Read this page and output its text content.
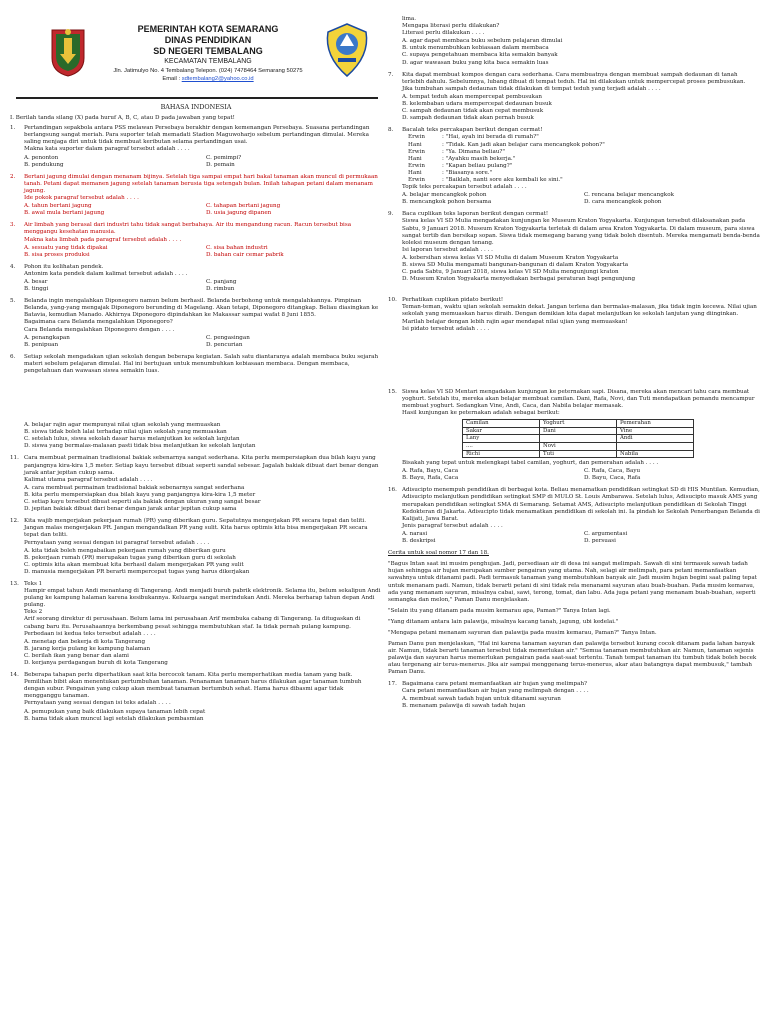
PEMERINTAH KOTA SEMARANG

DINAS PENDIDIKAN

SD NEGERI TEMBALANG

KECAMATAN TEMBALANG

Jln. Jatimulyo No. 4 Tembalang Telepon. (024) 7478464 Semarang 50275

Email : sdtembalang2@yahoo.co.id

BAHASA INDONESIA

I. Berilah tanda silang (X) pada huruf A, B, C, atau D pada jawaban yang tepat!

1. Pertandingan sepakbola antara PSS melawan Persebaya berakhir dengan kemenangan Persebaya. Suasana pertandingan berlangsung sangat meriah. Para suporter telah memadati Stadion Maguwoharjo sebelum pertandingan dimulai. Mereka saling menjaga diri untuk tidak membuat keributan selama pertandingan usai.

Makna kata suporter dalam paragraf tersebut adalah . . . .

A. penonton	C. pemimpi?
B. pendukung	D. pemain
2. Bertani jagung dimulai dengan menanam bijinya. Setelah tiga sampai empat hari bakal tanaman akan muncul di permukaan tanah. Petani dapat memanen jagung setelah tanaman berusia tiga setengah bulan. Inilah tahapan petani dalam menanam jagung.

Ide pokok paragraf tersebut adalah . . . .

A. tahun bertani jagung	C. tahapan bertani jagung
B. awal mula bertani jagung	D. usia jagung dipanen
3. Air limbah yang berasal dari industri tahu tidak sangat berbahaya. Air itu mengandung racun. Racun tersebut bisa menggangu kesehatan manusia.

Makna kata limbah pada paragraf tersebut adalah . . . .

A. sesuatu yang tidak dipakai	C. sisa bahan industri
B. sisa proses produksi	D. bahan cair cemar pabrik
4. Pohon itu kelihatan pendek.

Antonim kata pendek dalam kalimat tersebut adalah . . . .

A. besar	C. panjang
B. tinggi	D. rimbun
5. Belanda ingin mengalahkan Diponegoro namun belum berhasil. Belanda berbohong untuk mengalahkannya. Pimpinan Belanda, yang-yang mengajak Diponegoro berunding di Magelang. Akan tetapi, Diponegoro ditangkap. Beliau diasingkan ke Batavia, kemudian Manado. Akhirnya Diponegoro dipindahkan ke Makassar sampai wafat 8 Juni 1855.

Bagaimana cara Belanda mengalahkan Diponegoro?

Cara Belanda mengalahkan Diponegoro dengan . . . .

A. penangkapan	C. pengasingan
B. penipuan	D. pencurian
6. Setiap sekolah mengadakan ujian sekolah dengan beberapa kegiatan. Salah satu diantaranya adalah membaca buku sejarah materi sebelum pelajaran dimulai. Hal ini bertujuan untuk menumbuhkan kebiasaan membaca. Dengan membaca, pengetahuan dan wawasan siswa semakin luas.

A. belajar rajin agar mempunyai nilai ujian sekolah yang memuaskan
B. siswa tidak boleh lalai terhadap nilai ujian sekolah yang memuaskan
C. setelah lulus, siswa sekolah dasar harus melanjutkan ke sekolah lanjutan
D. siswa yang bermalas-malasan pasti tidak bisa melanjutkan ke sekolah lanjutan
11. Cara membuat permainan tradisional bakiak sebenarnya sangat sederhana. Kita perlu mempersiapkan dua bilah kayu yang panjangnya kira-kira 1,5 meter. Setiap kayu tersebut dibuat seperti sandal sebesar. Jagalah bakiak dibuat dari benar dengan jarak antar jepitan cukup sama.

Kalimat utama paragraf tersebut adalah . . . .

A. cara membuat permainan tradisional bakiak sebenarnya sangat sederhana
B. kita perlu mempersiapkan dua bilah kayu yang panjangnya kira-kira 1,5 meter
C. setiap kayu tersebut dibuat seperti ala bakiak dengan ukuran yang sangat besar
D. jepitan bakiak dibuat dari benar dengan jarak antar jepitan cukup sama
12. Kita wajib mengerjakan pekerjaan rumah (PR) yang diberikan guru. Sepatutnya mengerjakan PR secara tepat dan teliti. Jangan malas mengerjakan PR. Jangan mengandalkan PR yang sulit. Kita harus optimis kita bisa mengerjakan PR secara tepat dan teliti.

Pernyataan yang sesuai dengan isi paragraf tersebut adalah . . . .

A. kita tidak boleh mengabaikan pekerjaan rumah yang diberikan guru
B. pekerjaan rumah (PR) merupakan tugas yang diberikan guru di sekolah
C. optimis kita akan membuat kita berhasil dalam mengerjakan PR yang sulit
D. manusia mengerjakan PR berarti mempercepat tugas yang harus dikerjakan
13. Teks 1

Hampir empat tahun Andi menantang di Tangerang. Andi menjadi buruh pabrik elektronik. Selama itu, belum sekalipun Andi pulang ke kampung halaman karena kesibukannya. Keluarga sangat merindukan Andi. Mereka berharap tahun depan Andi pulang.

Teks 2

Arif seorang direktur di perusahaan. Belum lama ini perusahaan Arif membuka cabang di Tangerang. Ia ditugaskan di cabang baru itu. Perusahaannya berkembang pesat sehingga membutuhkan staf. Ia tidak pernah pulang kampung.

Perbedaan isi kedua teks tersebut adalah . . . .

A. menetap dan bekerja di kota Tangerang
B. jarang kerja pulang ke kampung halaman
C. berilah ikan yang benar dan alami
D. kerjanya perdagangan buruh di kota Tangerang
14. Beberapa tahapan perlu diperhatikan saat kita bercocok tanam. Kita perlu memperhatikan media tanam yang baik. Pemilihan bibit akan menentukan pertumbuhan tanaman. Penanaman tanaman harus dilakukan agar tanaman tumbuh dengan subur. Pengairan yang cukup akan membuat tanaman bertumbuh sehat. Hama harus dibasmi agar tidak mengganggu tanaman.

Pernyataan yang sesuai dengan isi teks adalah . . . .

A. pemupukan yang baik dilakukan supaya tanaman lebih cepat
B. hama tidak akan muncul lagi setelah dilakukan pembasmian

lima.

Mengapa literasi perlu dilakukan?

Literasi perlu dilakukan . . . .

A. agar dapat membaca buku sebelum pelajaran dimulai
B. untuk menumbuhkan kebiasaan dalam membaca
C. supaya pengetahuan membaca kita semakin banyak
D. agar wawasan buku yang kita baca semakin luas
7. Kita dapat membuat kompos dengan cara sederhana. Cara membuatnya dengan membuat sampah dedaunan di tanah terlebih dahulu. Sebelumnya, lubang dibuat di tempat teduh. Hal ini dilakukan untuk mempercepat proses pembusukan.

Jika tumbuhan sampah dedaunan tidak dilakukan di tempat teduh yang terjadi adalah . . . .

A. tempat teduh akan mempercepat pembusukan
B. kelembaban udara mempercepat dedaunan busuk
C. sampah dedaunan tidak akan cepat membusuk
D. sampah dedaunan tidak akan pernah busuk
8. Bacalah teks percakapan berikut dengan cermat!

Erwin	: "Hai, ayah ini berada di rumah?"
Hani	: "Tidak. Kan jadi akan belajar cara mencangkok pohon?"
Erwin	: "Ya. Dimana beliau?"
Hani	: "Ayahku masih bekerja."
Erwin	: "Kapan beliau pulang?"
Hani	: "Biasanya sore."
Erwin	: "Baiklah, nanti sore aku kembali ke sini."

Topik teks percakapan tersebut adalah . . . .

A. belajar mencangkok pohon	C. rencana belajar mencangkok
B. mencangkok pohon bersama	D. cara mencangkok pohon
9. Baca cuplikan teks laporan berikut dengan cermat!

Siswa kelas VI SD Mulia mengadakan kunjungan ke Museum Kraton Yogyakarta. Kunjungan tersebut dilaksanakan pada Sabtu, 9 Januari 2018. Museum Kraton Yogyakarta terletak di dalam area Kraton Yogyakarta. Di dalam museum, para siswa sangat tertib dan bersikap sopan. Siswa tidak memegang barang yang tidak boleh disentuh. Mereka mengamati benda-benda koleksi museum dengan tenang.

Isi laporan tersebut adalah . . . .

A. kebersihan siswa kelas VI SD Mulia di dalam Museum Kraton Yogyakarta
B. siswa SD Mulia mengamati bangunan-bangunan di dalam Kraton Yogyakarta
C. pada Sabtu, 9 Januari 2018, siswa kelas VI SD Mulia mengunjungi kraton
D. Museum Kraton Yogyakarta menyediakan berbagai peraturan bagi pengunjung
10. Perhatikan cuplikan pidato berikut!

Teman-teman, waktu ujian sekolah semakin dekat. Jangan terlena dan bermalas-malasan, jika tidak ingin kecewa. Nilai ujian sekolah yang memuaskan harus diraih. Dengan demikian kita dapat melanjutkan ke sekolah lanjutan yang diinginkan. Marilah belajar dengan lebih rajin agar mendapat nilai ujian yang memuaskan!

Isi pidato tersebut adalah . . . .

15. Siswa kelas VI SD Mentari mengadakan kunjungan ke peternakan sapi. Disana, mereka akan mencari tahu cara membuat yoghurt. Setelah itu, mereka akan belajar membuat camilan. Dani, Rafa, Novi, dan Tuti mendapatkan pemandu mencampur membuat yoghurt. Sedangkan Vine, Andi, Caca, dan Nabila belajar memasak.

Hasil kunjungan ke peternakan adalah sebagai berikut:

Camilan	Yoghurt	Pemerahan
Sakar	Dani	Vine
Lany		Andi
....	Novi	
Richi	Tuti	Nabila

Bisakah yang tepat untuk melengkapi tabel camilan, yoghurt, dan pemerahan adalah . . . .

A. Rafa, Bayu, Caca	C. Rafa, Caca, Bayu
B. Bayu, Rafa, Caca	D. Bayu, Caca, Rafa
16. Adisucipto menempuh pendidikan di berbagai kota. Beliau menamatkan pendidikan setingkat SD di HIS Muntilan. Kemudian, Adisucipto melanjutkan pendidikan setingkat SMP di MULO St. Louis Ambarawa. Setelah lulus, Adisucipto masuk AMS yang merupakan pendidikan setingkat SMA di Semarang. Setamat AMS, Adisucipto melanjutkan pendidikan di Sekolah Tinggi Kedokteran di Jakarta. Adisucipto tidak menamatkan pendidikan di sekolah ini. Ia pindah ke Sekolah Penerbangan Belanda di Kalijati, Jawa Barat.

Jenis paragraf tersebut adalah . . . .

A. narasi	C. argumentasi
B. deskripsi	D. persuasi

Cerita untuk soal nomor 17 dan 18.

"Bagus Intan saat ini musim penghujan. Jadi, persediaan air di desa ini sangat melimpah. Sawah di sini termasuk sawah tadah hujan sehingga air hujan merupakan sumber pengairan yang utama. Nah, selagi air melimpah, para petani memanfaatkan sawahnya untuk ditanami padi. Padi termasuk tanaman yang membutuhkan banyak air. Jadi musim hujan begini saat paling tepat untuk menanam padi. Namun, tidak berarti petani di sini tidak rela menanami sayuran atau buah-buahan. Pada musim kemarau, ada yang menanam sayuran, misalnya cabai, sawi, terong, tomat, dan labu. Ada juga petani yang menanam buah-buahan, seperti semangka dan melon," Paman Danu menjelaskan.

"Selain itu yang ditanam pada musim kemarau apa, Paman?" Tanya Intan lagi.

"Yang ditanam antara lain palawija, misalnya kacang tanah, jagung, ubi kedelai."

"Mengapa petani menanam sayuran dan palawija pada musim kemarau, Paman?" Tanya Intan.

Paman Danu pun menjelaskan, "Hal ini karena tanaman sayuran dan palawija tersebut kurang cocok ditanam pada lahan banyak air. Namun, tidak berarti tanaman tersebut tidak memerlukan air." "Semua tanaman membutuhkan air. Namun, tanaman sejenis palawija dan sayuran harus memerlukan pengairan pada saat-saat tertentu. Tanah tempat tanaman itu tumbuh tidak boleh becek atau tergenang air terus-menerus. Jika air sampai menggenang terus-menerus, akar atau batangnya dapat membusuk," tambah Paman Danu.

17. Bagaimana cara petani memanfaatkan air hujan yang melimpah?

Cara petani memanfaatkan air hujan yang melimpah dengan . . . .

A. membuat sawah tadah hujan untuk ditanami sayuran
B. menanam palawija di sawah tadah hujan
